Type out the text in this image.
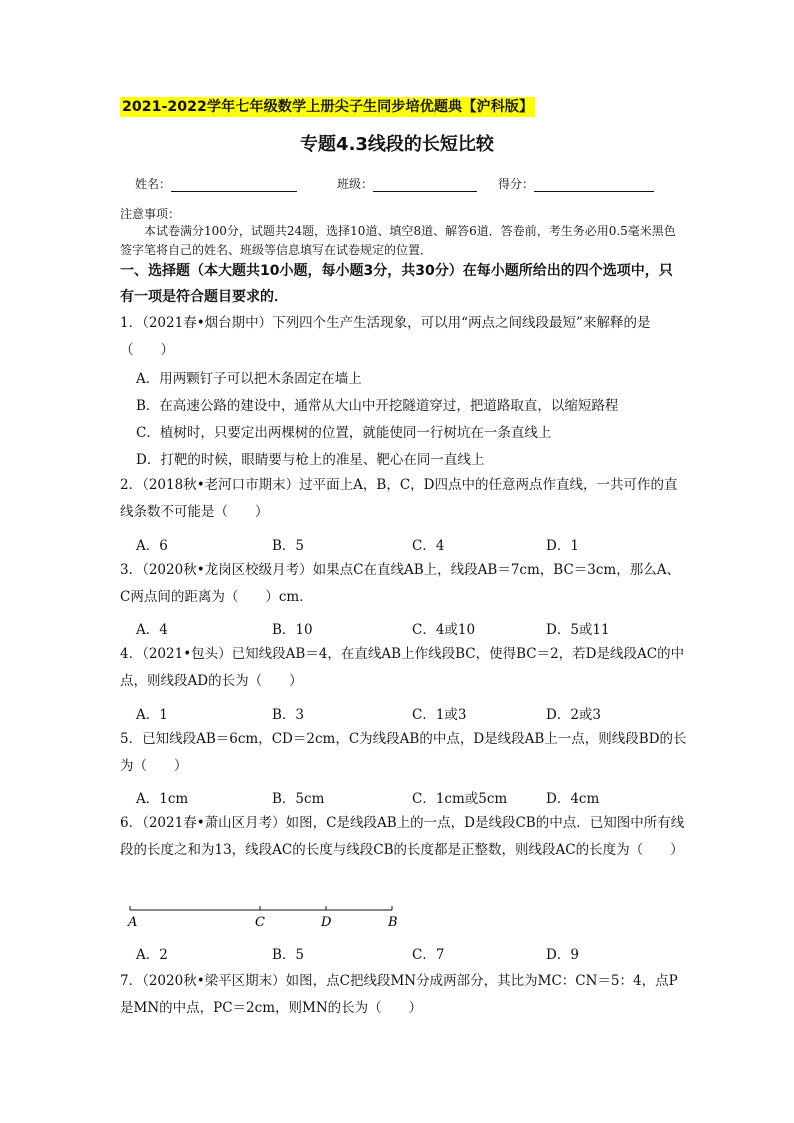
2021-2022学年七年级数学上册尖子生同步培优题典【沪科版】
专题4.3线段的长短比较
姓名：	班级：	得分：
注意事项：
本试卷满分100分，试题共24题，选择10道、填空8道、解答6道．答卷前，考生务必用0.5毫米黑色签字笔将自己的姓名、班级等信息填写在试卷规定的位置．
一、选择题（本大题共10小题，每小题3分，共30分）在每小题所给出的四个选项中，只有一项是符合题目要求的．
1．（2021春•烟台期中）下列四个生产生活现象，可以用“两点之间线段最短”来解释的是（　　）
A．用两颗钉子可以把木条固定在墙上
B．在高速公路的建设中，通常从大山中开挖隧道穿过，把道路取直，以缩短路程
C．植树时，只要定出两棵树的位置，就能使同一行树坑在一条直线上
D．打靶的时候，眼睛要与枪上的准星、靶心在同一直线上
2．（2018秋•老河口市期末）过平面上A，B，C，D四点中的任意两点作直线，一共可作的直线条数不可能是（　　）
A．6	B．5	C．4	D．1
3．（2020秋•龙岗区校级月考）如果点C在直线AB上，线段AB＝7cm，BC＝3cm，那么A、C两点间的距离为（　　）cm．
A．4	B．10	C．4或10	D．5或11
4．（2021•包头）已知线段AB＝4，在直线AB上作线段BC，使得BC＝2，若D是线段AC的中点，则线段AD的长为（　　）
A．1	B．3	C．1或3	D．2或3
5．已知线段AB＝6cm，CD＝2cm，C为线段AB的中点，D是线段AB上一点，则线段BD的长为（　　）
A．1cm	B．5cm	C．1cm或5cm	D．4cm
6．（2021春•萧山区月考）如图，C是线段AB上的一点，D是线段CB的中点．已知图中所有线段的长度之和为13，线段AC的长度与线段CB的长度都是正整数，则线段AC的长度为（　　）
A	C	D	B
A．2	B．5	C．7	D．9
7．（2020秋•梁平区期末）如图，点C把线段MN分成两部分，其比为MC：CN＝5：4，点P是MN的中点，PC＝2cm，则MN的长为（　　）
